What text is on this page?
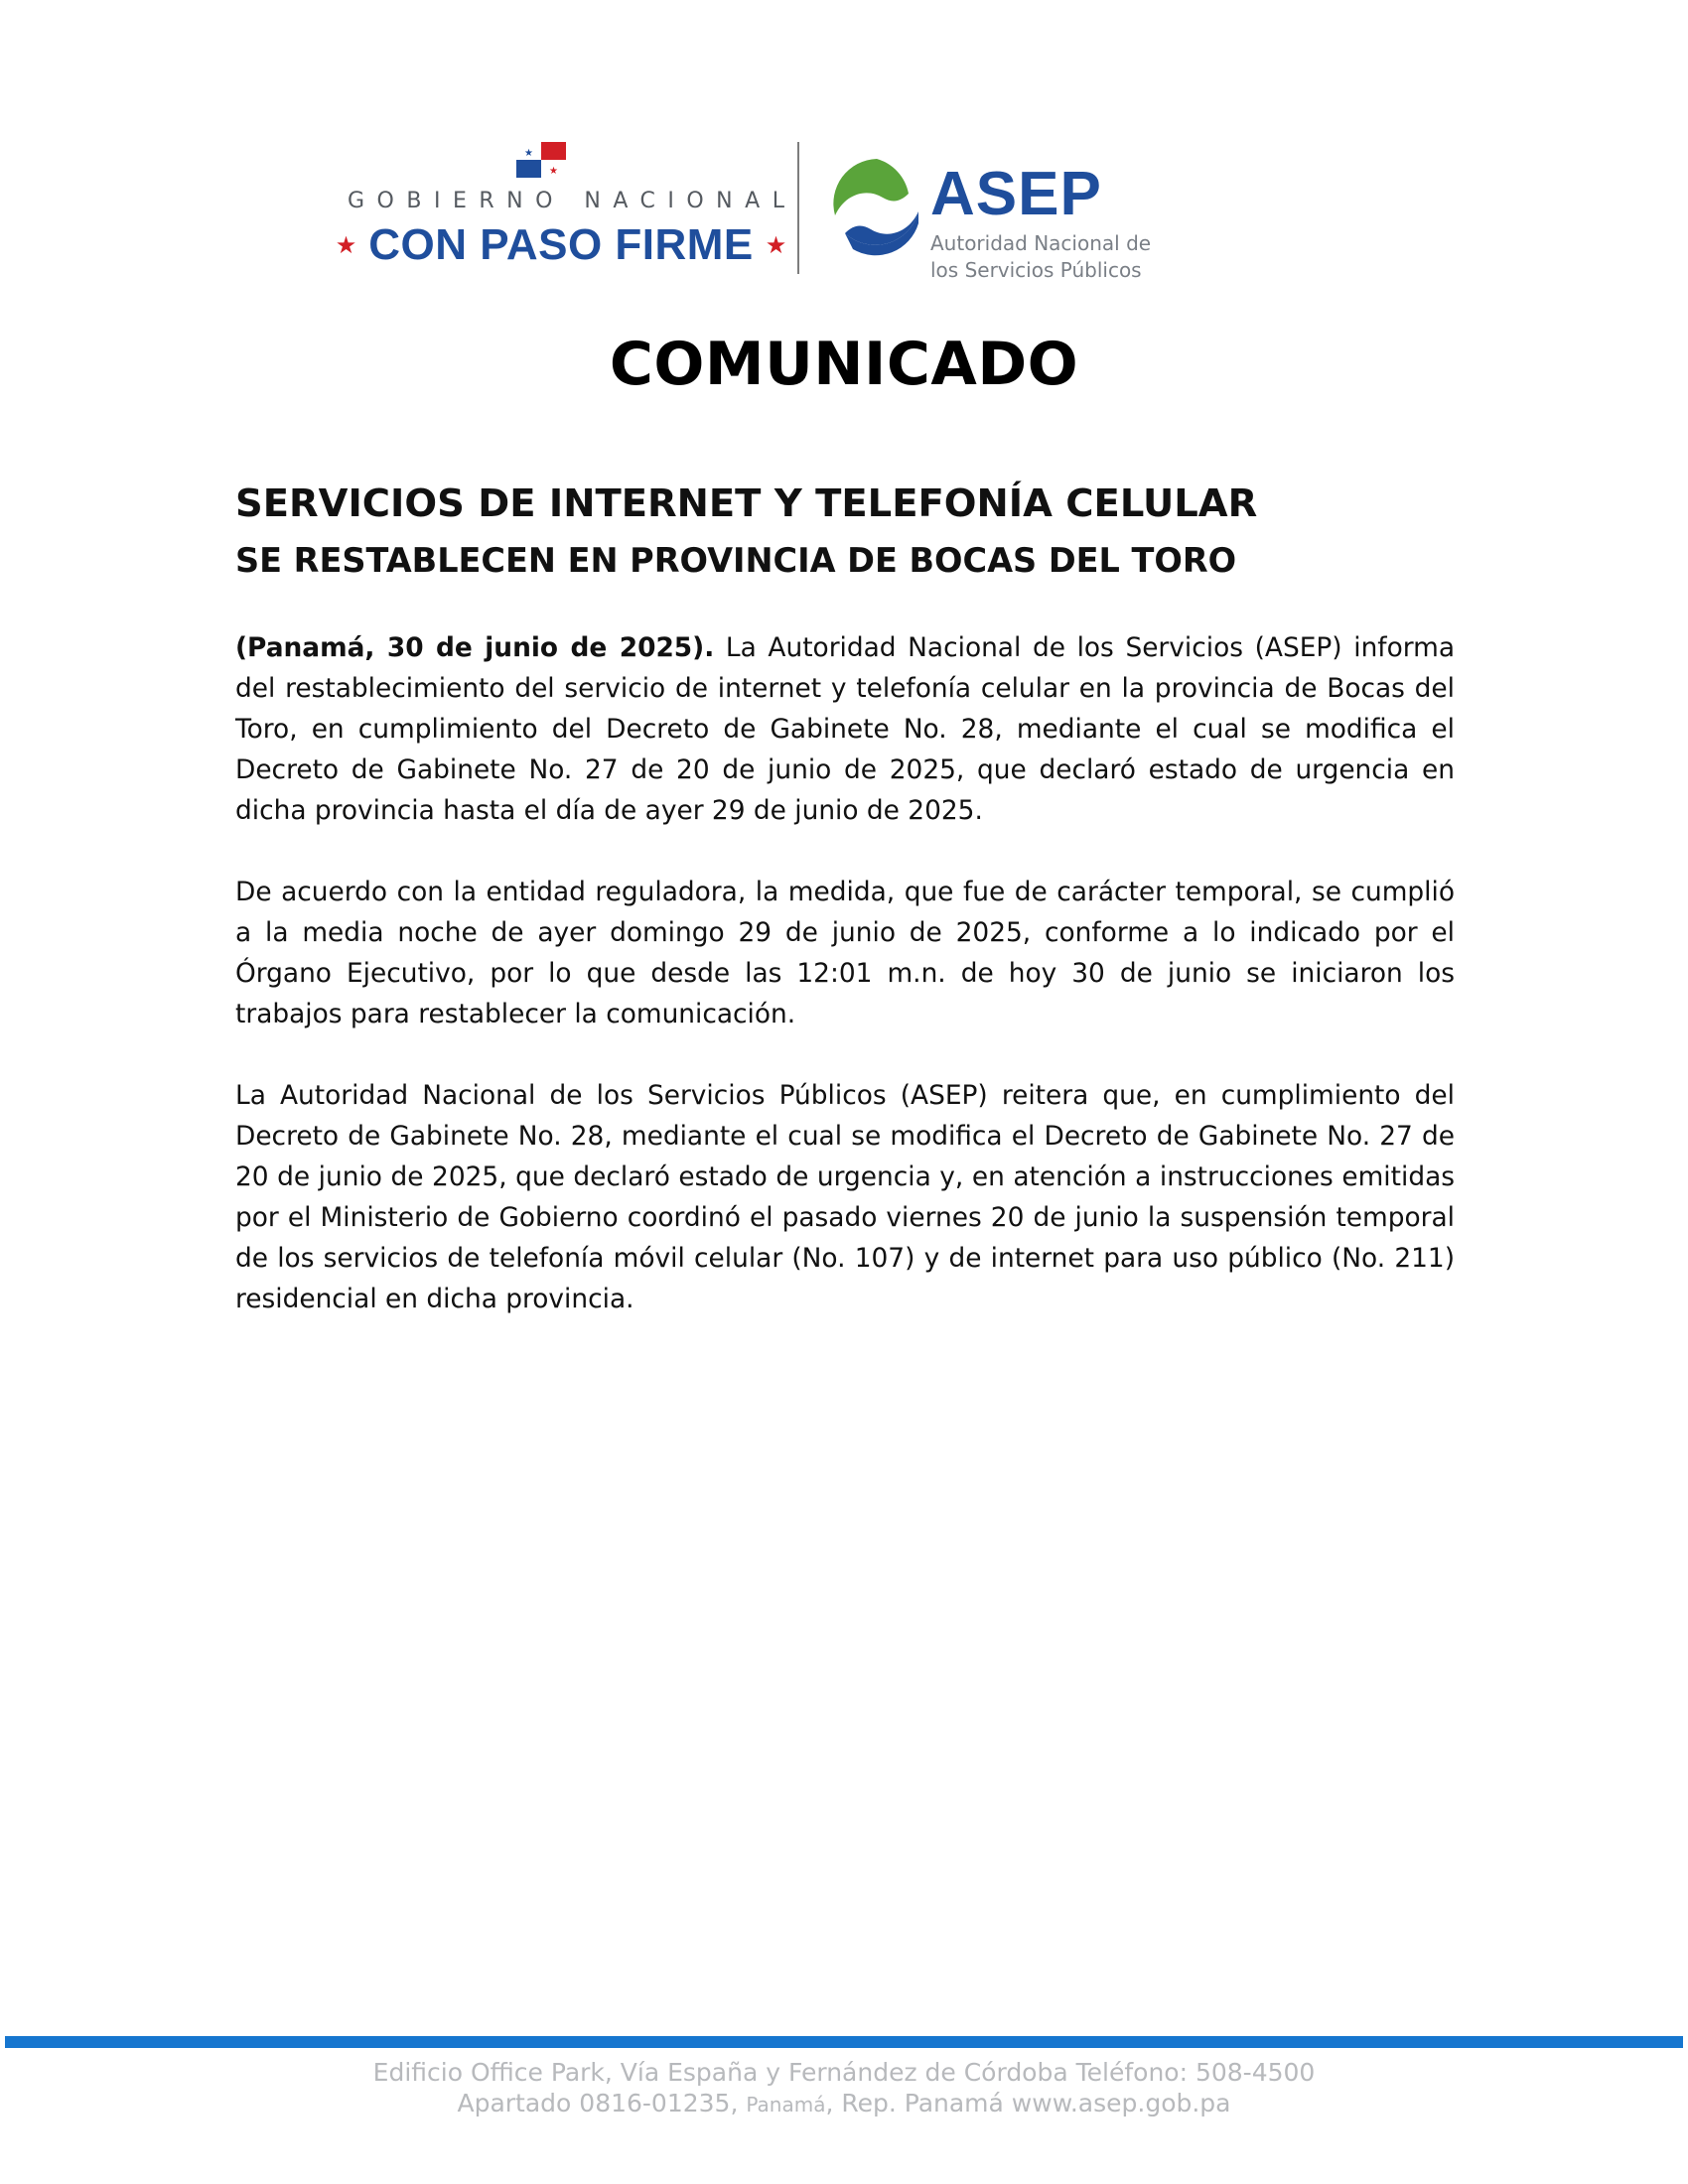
★
★
GOBIERNO NACIONAL
★ CON PASO FIRME ★
ASEP
Autoridad Nacional de
los Servicios Públicos
COMUNICADO
SERVICIOS DE INTERNET Y TELEFONÍA CELULAR
SE RESTABLECEN EN PROVINCIA DE BOCAS DEL TORO

(Panamá, 30 de junio de 2025). La Autoridad Nacional de los Servicios (ASEP) informa del restablecimiento del servicio de internet y telefonía celular en la provincia de Bocas del Toro, en cumplimiento del Decreto de Gabinete No. 28, mediante el cual se modifica el Decreto de Gabinete No. 27 de 20 de junio de 2025, que declaró estado de urgencia en dicha provincia hasta el día de ayer 29 de junio de 2025.

De acuerdo con la entidad reguladora, la medida, que fue de carácter temporal, se cumplió a la media noche de ayer domingo 29 de junio de 2025, conforme a lo indicado por el Órgano Ejecutivo, por lo que desde las 12:01 m.n. de hoy 30 de junio se iniciaron los trabajos para restablecer la comunicación.

La Autoridad Nacional de los Servicios Públicos (ASEP) reitera que, en cumplimiento del Decreto de Gabinete No. 28, mediante el cual se modifica el Decreto de Gabinete No. 27 de 20 de junio de 2025, que declaró estado de urgencia y, en atención a instrucciones emitidas por el Ministerio de Gobierno coordinó el pasado viernes 20 de junio la suspensión temporal de los servicios de telefonía móvil celular (No. 107) y de internet para uso público (No. 211) residencial en dicha provincia.

Edificio Office Park, Vía España y Fernández de Córdoba Teléfono: 508-4500
Apartado 0816-01235, Panamá, Rep. Panamá www.asep.gob.pa
